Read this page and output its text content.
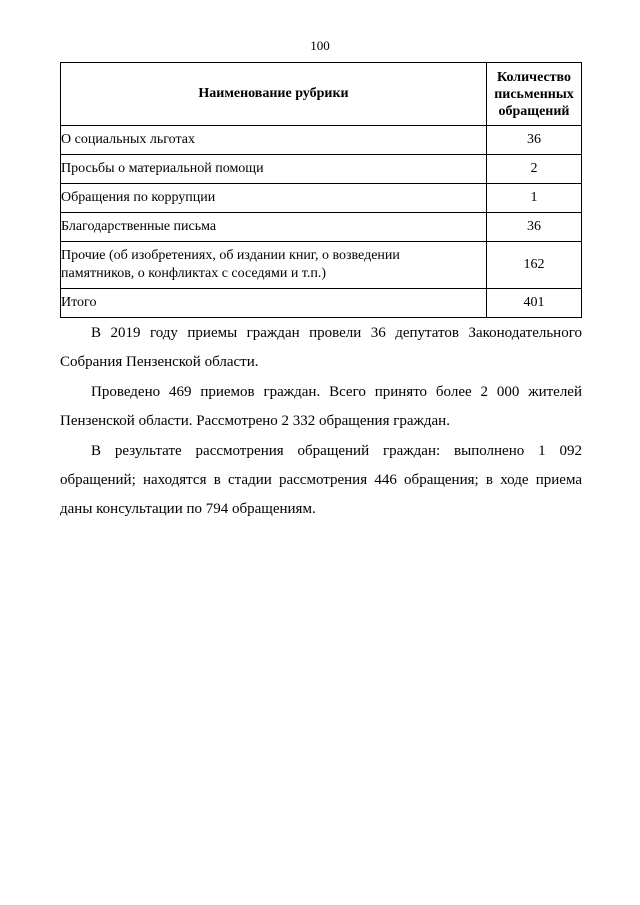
100
Наименование рубрики	Количество
письменных
обращений

О социальных льготах	36
Просьбы о материальной помощи	2
Обращения по коррупции	1
Благодарственные письма	36

Прочие (об изобретениях, об издании книг, о возведении
памятников, о конфликтах с соседями и т.п.)	162
Итого	401

В 2019 году приемы граждан провели 36 депутатов Законодательного Собрания Пензенской области.

Проведено 469 приемов граждан. Всего принято более 2 000 жителей Пензенской области. Рассмотрено 2 332 обращения граждан.

В результате рассмотрения обращений граждан: выполнено 1 092 обращений; находятся в стадии рассмотрения 446 обращения; в ходе приема даны консультации по 794 обращениям.
